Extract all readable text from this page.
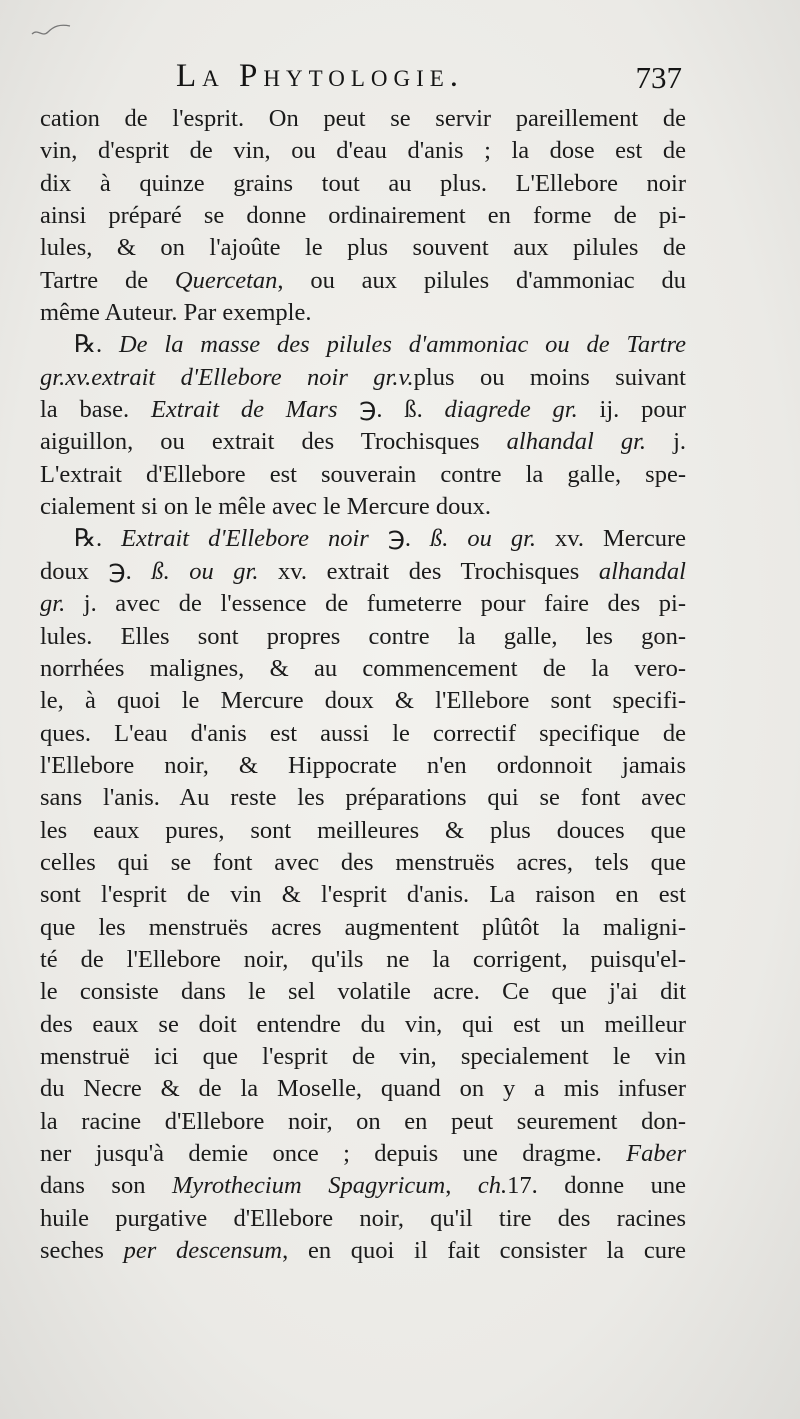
La Phytologie.	737
cation de l'esprit. On peut se servir pareillement de
vin, d'esprit de vin, ou d'eau d'anis ; la dose est de
dix à quinze grains tout au plus. L'Ellebore noir
ainsi préparé se donne ordinairement en forme de pi-
lules, & on l'ajoûte le plus souvent aux pilules de
Tartre de Quercetan, ou aux pilules d'ammoniac du
même Auteur. Par exemple.
℞. De la masse des pilules d'ammoniac ou de Tartre
gr.xv.extrait d'Ellebore noir gr.v.plus ou moins suivant
la base. Extrait de Mars ℈. ß. diagrede gr. ij. pour
aiguillon, ou extrait des Trochisques alhandal gr. j.
L'extrait d'Ellebore est souverain contre la galle, spe-
cialement si on le mêle avec le Mercure doux.
℞. Extrait d'Ellebore noir ℈. ß. ou gr. xv. Mercure
doux ℈. ß. ou gr. xv. extrait des Trochisques alhandal
gr. j. avec de l'essence de fumeterre pour faire des pi-
lules. Elles sont propres contre la galle, les gon-
norrhées malignes, & au commencement de la vero-
le, à quoi le Mercure doux & l'Ellebore sont specifi-
ques. L'eau d'anis est aussi le correctif specifique de
l'Ellebore noir, & Hippocrate n'en ordonnoit jamais
sans l'anis. Au reste les préparations qui se font avec
les eaux pures, sont meilleures & plus douces que
celles qui se font avec des menstruës acres, tels que
sont l'esprit de vin & l'esprit d'anis. La raison en est
que les menstruës acres augmentent plûtôt la maligni-
té de l'Ellebore noir, qu'ils ne la corrigent, puisqu'el-
le consiste dans le sel volatile acre. Ce que j'ai dit
des eaux se doit entendre du vin, qui est un meilleur
menstruë ici que l'esprit de vin, specialement le vin
du Necre & de la Moselle, quand on y a mis infuser
la racine d'Ellebore noir, on en peut seurement don-
ner jusqu'à demie once ; depuis une dragme. Faber
dans son Myrothecium Spagyricum, ch.17. donne une
huile purgative d'Ellebore noir, qu'il tire des racines
seches per descensum, en quoi il fait consister la cure
